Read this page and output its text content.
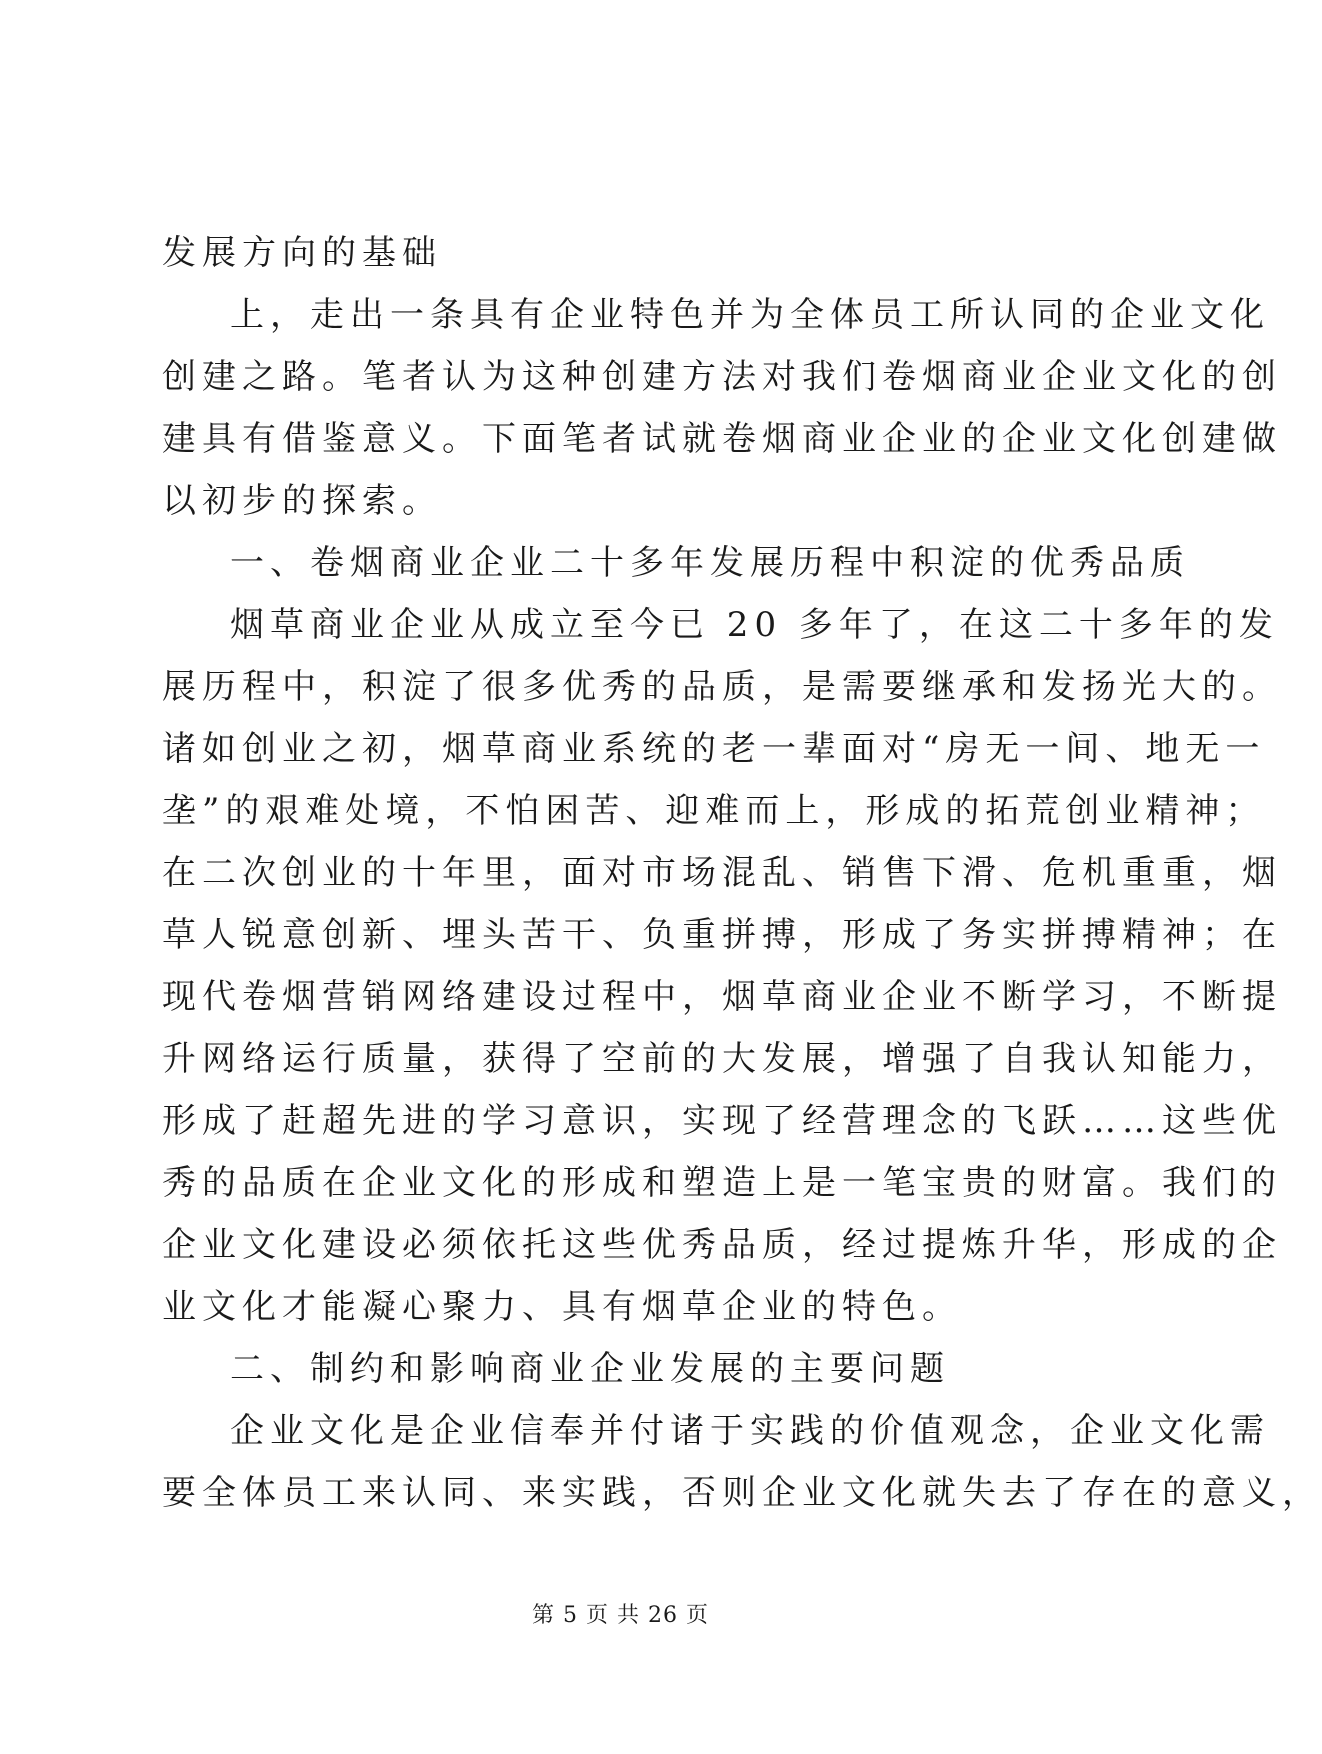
发展方向的基础
上，走出一条具有企业特色并为全体员工所认同的企业文化
创建之路。笔者认为这种创建方法对我们卷烟商业企业文化的创
建具有借鉴意义。下面笔者试就卷烟商业企业的企业文化创建做
以初步的探索。
一、卷烟商业企业二十多年发展历程中积淀的优秀品质
烟草商业企业从成立至今已 20 多年了，在这二十多年的发
展历程中，积淀了很多优秀的品质，是需要继承和发扬光大的。
诸如创业之初，烟草商业系统的老一辈面对“房无一间、地无一
垄”的艰难处境，不怕困苦、迎难而上，形成的拓荒创业精神；
在二次创业的十年里，面对市场混乱、销售下滑、危机重重，烟
草人锐意创新、埋头苦干、负重拼搏，形成了务实拼搏精神；在
现代卷烟营销网络建设过程中，烟草商业企业不断学习，不断提
升网络运行质量，获得了空前的大发展，增强了自我认知能力，
形成了赶超先进的学习意识，实现了经营理念的飞跃……这些优
秀的品质在企业文化的形成和塑造上是一笔宝贵的财富。我们的
企业文化建设必须依托这些优秀品质，经过提炼升华，形成的企
业文化才能凝心聚力、具有烟草企业的特色。
二、制约和影响商业企业发展的主要问题
企业文化是企业信奉并付诸于实践的价值观念，企业文化需
要全体员工来认同、来实践，否则企业文化就失去了存在的意义，
第 5 页 共 26 页
